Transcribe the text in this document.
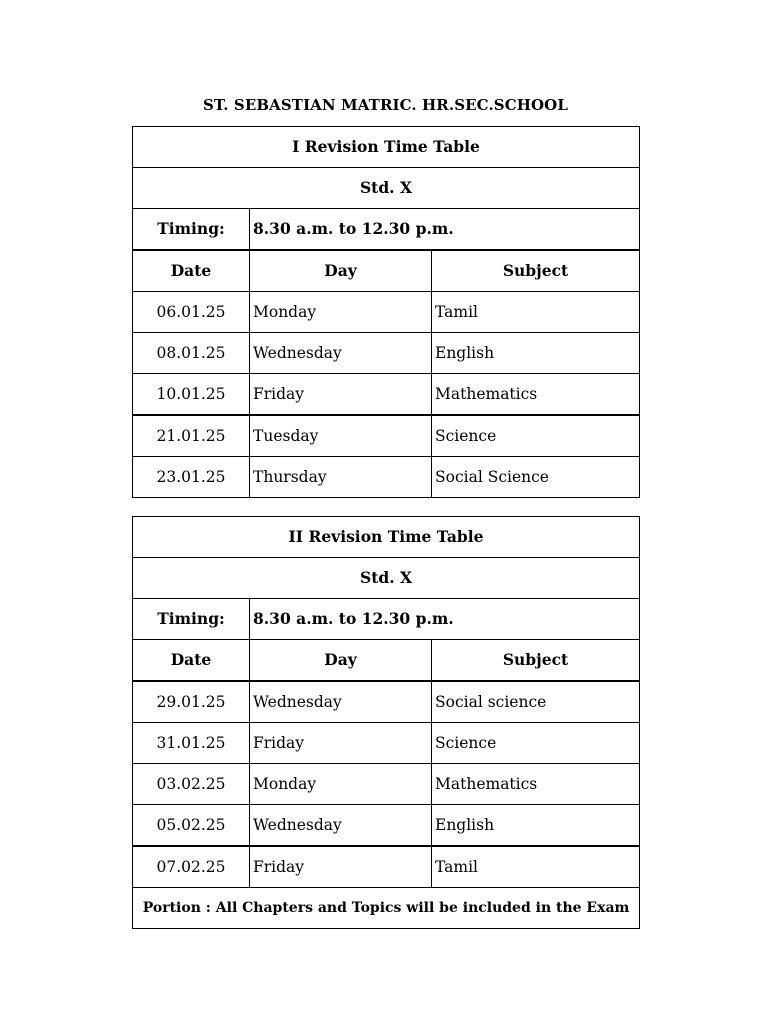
ST. SEBASTIAN MATRIC. HR.SEC.SCHOOL
I Revision Time Table		
Std. X		
Timing:	8.30 a.m. to 12.30 p.m.	
Date	Day	Subject
06.01.25	Monday	Tamil
08.01.25	Wednesday	English
10.01.25	Friday	Mathematics
21.01.25	Tuesday	Science
23.01.25	Thursday	Social Science
II Revision Time Table		
Std. X		
Timing:	8.30 a.m. to 12.30 p.m.	
Date	Day	Subject
29.01.25	Wednesday	Social science
31.01.25	Friday	Science
03.02.25	Monday	Mathematics
05.02.25	Wednesday	English
07.02.25	Friday	Tamil
Portion : All Chapters and Topics will be included in the Exam		
